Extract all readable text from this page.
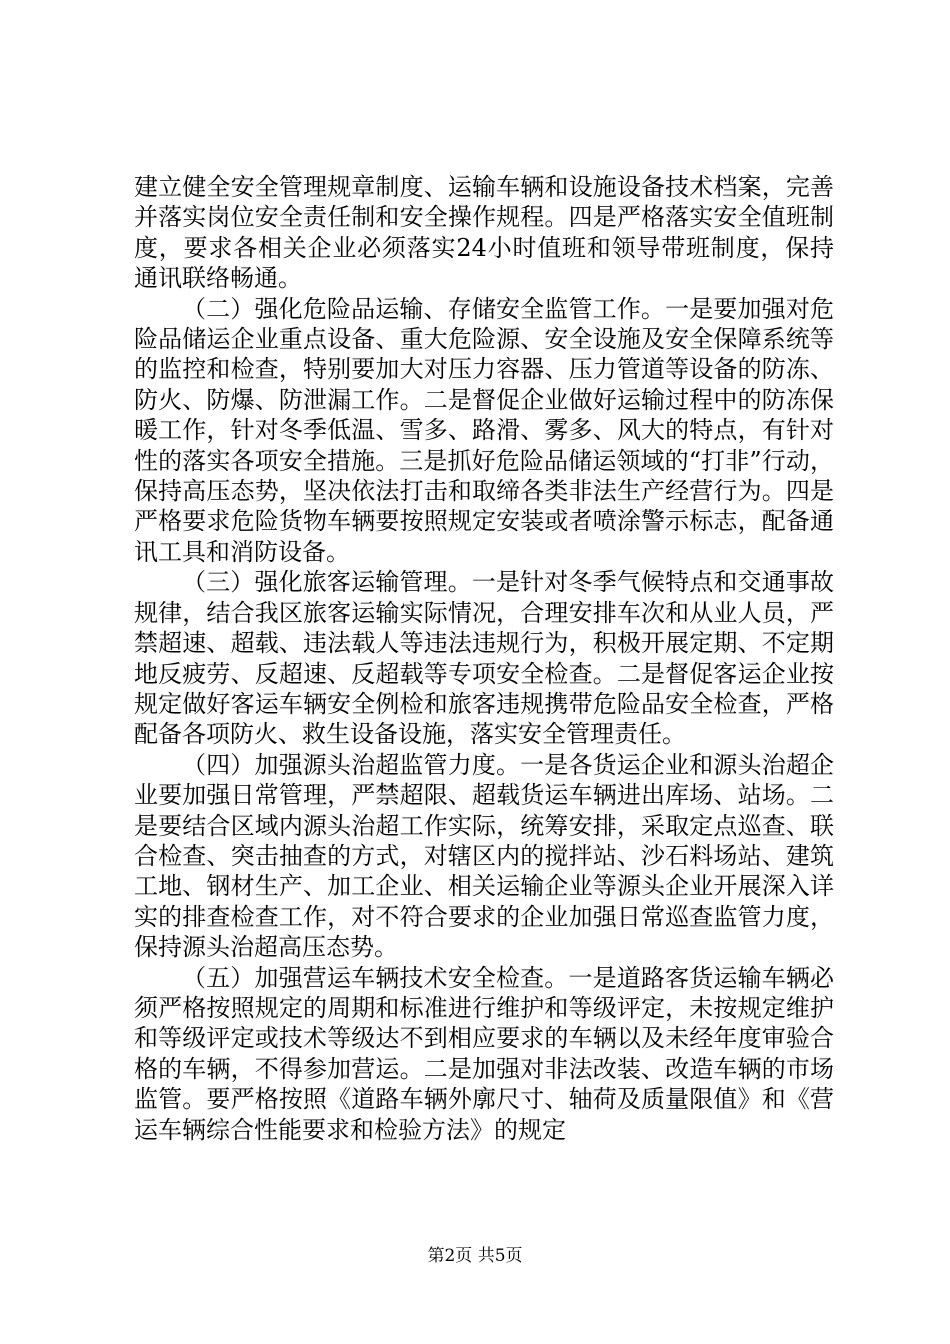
建立健全安全管理规章制度、运输车辆和设施设备技术档案，完善并落实岗位安全责任制和安全操作规程。四是严格落实安全值班制度，要求各相关企业必须落实24小时值班和领导带班制度，保持通讯联络畅通。

（二）强化危险品运输、存储安全监管工作。一是要加强对危险品储运企业重点设备、重大危险源、安全设施及安全保障系统等的监控和检查，特别要加大对压力容器、压力管道等设备的防冻、防火、防爆、防泄漏工作。二是督促企业做好运输过程中的防冻保暖工作，针对冬季低温、雪多、路滑、雾多、风大的特点，有针对性的落实各项安全措施。三是抓好危险品储运领域的“打非”行动，保持高压态势，坚决依法打击和取缔各类非法生产经营行为。四是严格要求危险货物车辆要按照规定安装或者喷涂警示标志，配备通讯工具和消防设备。

（三）强化旅客运输管理。一是针对冬季气候特点和交通事故规律，结合我区旅客运输实际情况，合理安排车次和从业人员，严禁超速、超载、违法载人等违法违规行为，积极开展定期、不定期地反疲劳、反超速、反超载等专项安全检查。二是督促客运企业按规定做好客运车辆安全例检和旅客违规携带危险品安全检查，严格配备各项防火、救生设备设施，落实安全管理责任。

（四）加强源头治超监管力度。一是各货运企业和源头治超企业要加强日常管理，严禁超限、超载货运车辆进出库场、站场。二是要结合区域内源头治超工作实际，统筹安排，采取定点巡查、联合检查、突击抽查的方式，对辖区内的搅拌站、沙石料场站、建筑工地、钢材生产、加工企业、相关运输企业等源头企业开展深入详实的排查检查工作，对不符合要求的企业加强日常巡查监管力度，保持源头治超高压态势。

（五）加强营运车辆技术安全检查。一是道路客货运输车辆必须严格按照规定的周期和标准进行维护和等级评定，未按规定维护和等级评定或技术等级达不到相应要求的车辆以及未经年度审验合格的车辆，不得参加营运。二是加强对非法改装、改造车辆的市场监管。要严格按照《道路车辆外廓尺寸、轴荷及质量限值》和《营运车辆综合性能要求和检验方法》的规定

第2页 共5页
